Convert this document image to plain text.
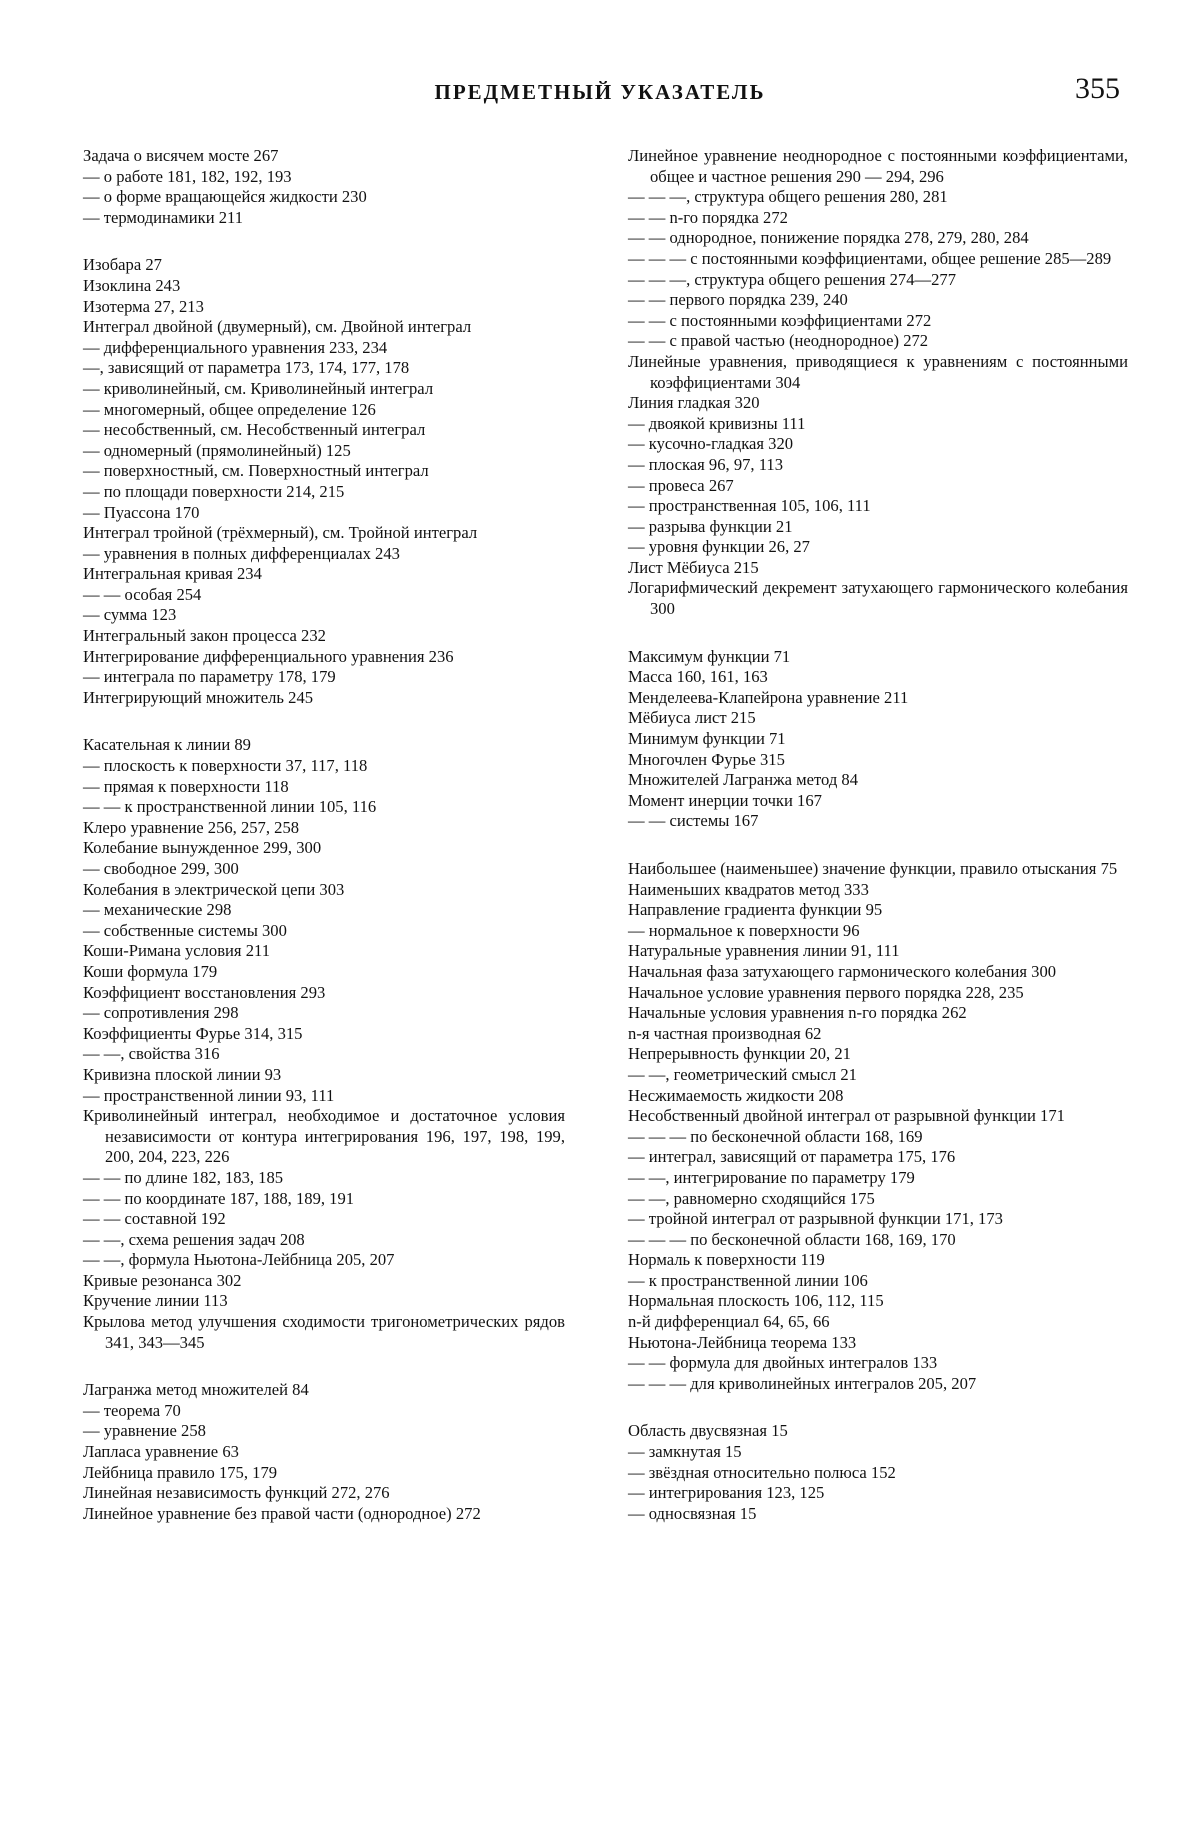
ПРЕДМЕТНЫЙ УКАЗАТЕЛЬ	355
Задача о висячем мосте 267
— о работе 181, 182, 192, 193
— о форме вращающейся жидкости 230
— термодинамики 211
Изобара 27
Изоклина 243
Изотерма 27, 213
Интеграл двойной (двумерный), см. Двойной интеграл
— дифференциального уравнения 233, 234
—, зависящий от параметра 173, 174, 177, 178
— криволинейный, см. Криволинейный интеграл
— многомерный, общее определение 126
— несобственный, см. Несобственный интеграл
— одномерный (прямолинейный) 125
— поверхностный, см. Поверхностный интеграл
— по площади поверхности 214, 215
— Пуассона 170
Интеграл тройной (трёхмерный), см. Тройной интеграл
— уравнения в полных дифференциалах 243
Интегральная кривая 234
— — особая 254
— сумма 123
Интегральный закон процесса 232
Интегрирование дифференциального уравнения 236
— интеграла по параметру 178, 179
Интегрирующий множитель 245
Касательная к линии 89
— плоскость к поверхности 37, 117, 118
— прямая к поверхности 118
— — к пространственной линии 105, 116
Клеро уравнение 256, 257, 258
Колебание вынужденное 299, 300
— свободное 299, 300
Колебания в электрической цепи 303
— механические 298
— собственные системы 300
Коши-Римана условия 211
Коши формула 179
Коэффициент восстановления 293
— сопротивления 298
Коэффициенты Фурье 314, 315
— —, свойства 316
Кривизна плоской линии 93
— пространственной линии 93, 111
Криволинейный интеграл, необходимое и достаточное условия независимости от контура интегрирования 196, 197, 198, 199, 200, 204, 223, 226
— — по длине 182, 183, 185
— — по координате 187, 188, 189, 191
— — составной 192
— —, схема решения задач 208
— —, формула Ньютона-Лейбница 205, 207
Кривые резонанса 302
Кручение линии 113
Крылова метод улучшения сходимости тригонометрических рядов 341, 343—345
Лагранжа метод множителей 84
— теорема 70
— уравнение 258
Лапласа уравнение 63
Лейбница правило 175, 179
Линейная независимость функций 272, 276
Линейное уравнение без правой части (однородное) 272
Линейное уравнение неоднородное с постоянными коэффициентами, общее и частное решения 290 — 294, 296
— — —, структура общего решения 280, 281
— — n-го порядка 272
— — однородное, понижение порядка 278, 279, 280, 284
— — — с постоянными коэффициентами, общее решение 285—289
— — —, структура общего решения 274—277
— — первого порядка 239, 240
— — с постоянными коэффициентами 272
— — с правой частью (неоднородное) 272
Линейные уравнения, приводящиеся к уравнениям с постоянными коэффициентами 304
Линия гладкая 320
— двоякой кривизны 111
— кусочно-гладкая 320
— плоская 96, 97, 113
— провеса 267
— пространственная 105, 106, 111
— разрыва функции 21
— уровня функции 26, 27
Лист Мёбиуса 215
Логарифмический декремент затухающего гармонического колебания 300
Максимум функции 71
Масса 160, 161, 163
Менделеева-Клапейрона уравнение 211
Мёбиуса лист 215
Минимум функции 71
Многочлен Фурье 315
Множителей Лагранжа метод 84
Момент инерции точки 167
— — системы 167
Наибольшее (наименьшее) значение функции, правило отыскания 75
Наименьших квадратов метод 333
Направление градиента функции 95
— нормальное к поверхности 96
Натуральные уравнения линии 91, 111
Начальная фаза затухающего гармонического колебания 300
Начальное условие уравнения первого порядка 228, 235
Начальные условия уравнения n-го порядка 262
n-я частная производная 62
Непрерывность функции 20, 21
— —, геометрический смысл 21
Несжимаемость жидкости 208
Несобственный двойной интеграл от разрывной функции 171
— — — по бесконечной области 168, 169
— интеграл, зависящий от параметра 175, 176
— —, интегрирование по параметру 179
— —, равномерно сходящийся 175
— тройной интеграл от разрывной функции 171, 173
— — — по бесконечной области 168, 169, 170
Нормаль к поверхности 119
— к пространственной линии 106
Нормальная плоскость 106, 112, 115
n-й дифференциал 64, 65, 66
Ньютона-Лейбница теорема 133
— — формула для двойных интегралов 133
— — — для криволинейных интегралов 205, 207
Область двусвязная 15
— замкнутая 15
— звёздная относительно полюса 152
— интегрирования 123, 125
— односвязная 15
